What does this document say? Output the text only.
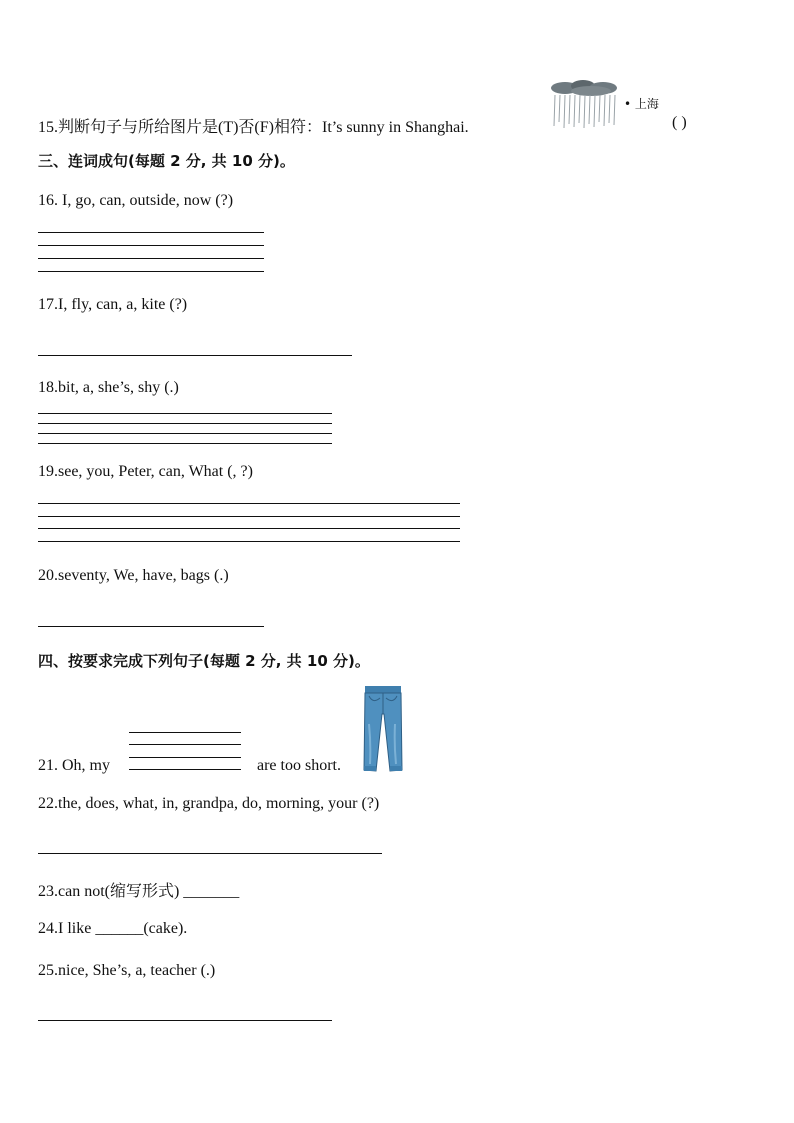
15.判断句子与所给图片是(T)否(F)相符：It’s sunny in Shanghai.
• 上海
( )
三、连词成句(每题 2 分, 共 10 分)。
16. I, go, can, outside, now (?)
17.I, fly, can, a, kite (?)
18.bit, a, she’s, shy (.)
19.see, you, Peter, can, What (, ?)
20.seventy, We, have, bags (.)
四、按要求完成下列句子(每题 2 分, 共 10 分)。
21. Oh, my	are too short.
22.the, does, what, in, grandpa, do, morning, your (?)
23.can not(缩写形式) _______
24.I like ______(cake).
25.nice, She’s, a, teacher (.)
